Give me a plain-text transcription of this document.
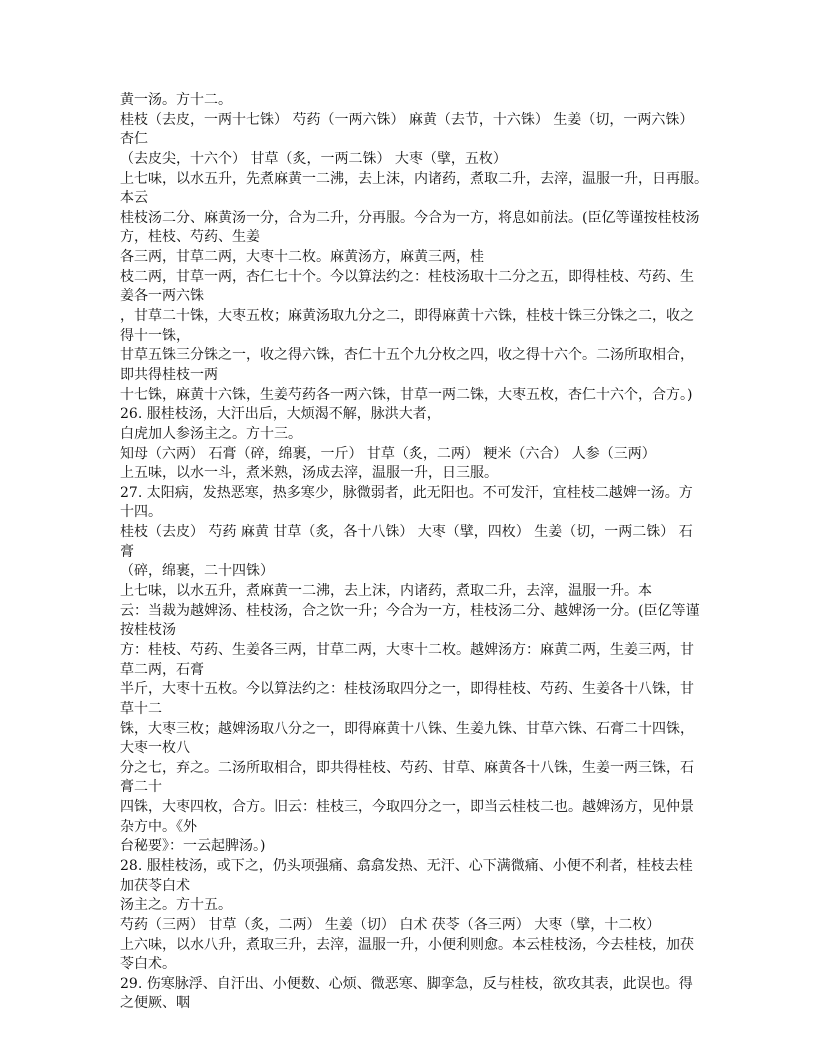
黄一汤。方十二。
桂枝（去皮，一两十七铢） 芍药（一两六铢） 麻黄（去节，十六铢） 生姜（切，一两六铢）
杏仁
（去皮尖，十六个） 甘草（炙，一两二铢） 大枣（擘，五枚）
上七味，以水五升，先煮麻黄一二沸，去上沫，内诸药，煮取二升，去滓，温服一升，日再服。
本云
桂枝汤二分、麻黄汤一分，合为二升，分再服。今合为一方，将息如前法。(臣亿等谨按桂枝汤
方，桂枝、芍药、生姜
各三两，甘草二两，大枣十二枚。麻黄汤方，麻黄三两，桂
枝二两，甘草一两，杏仁七十个。今以算法约之：桂枝汤取十二分之五，即得桂枝、芍药、生
姜各一两六铢
，甘草二十铢，大枣五枚；麻黄汤取九分之二，即得麻黄十六铢，桂枝十铢三分铢之二，收之
得十一铢，
甘草五铢三分铢之一，收之得六铢，杏仁十五个九分枚之四，收之得十六个。二汤所取相合，
即共得桂枝一两
十七铢，麻黄十六铢，生姜芍药各一两六铢，甘草一两二铢，大枣五枚，杏仁十六个，合方。)
26. 服桂枝汤，大汗出后，大烦渴不解，脉洪大者，
白虎加人参汤主之。方十三。
知母（六两） 石膏（碎，绵裹，一斤） 甘草（炙，二两） 粳米（六合） 人参（三两）
上五味，以水一斗，煮米熟，汤成去滓，温服一升，日三服。
27. 太阳病，发热恶寒，热多寒少，脉微弱者，此无阳也。不可发汗，宜桂枝二越婢一汤。方
十四。
桂枝（去皮） 芍药 麻黄 甘草（炙，各十八铢） 大枣（擘，四枚） 生姜（切，一两二铢） 石
膏
（碎，绵裹，二十四铢）
上七味，以水五升，煮麻黄一二沸，去上沫，内诸药，煮取二升，去滓，温服一升。本
云：当裁为越婢汤、桂枝汤，合之饮一升；今合为一方，桂枝汤二分、越婢汤一分。(臣亿等谨
按桂枝汤
方：桂枝、芍药、生姜各三两，甘草二两，大枣十二枚。越婢汤方：麻黄二两，生姜三两，甘
草二两，石膏
半斤，大枣十五枚。今以算法约之：桂枝汤取四分之一，即得桂枝、芍药、生姜各十八铢，甘
草十二
铢，大枣三枚；越婢汤取八分之一，即得麻黄十八铢、生姜九铢、甘草六铢、石膏二十四铢，
大枣一枚八
分之七，弃之。二汤所取相合，即共得桂枝、芍药、甘草、麻黄各十八铢，生姜一两三铢，石
膏二十
四铢，大枣四枚，合方。旧云：桂枝三，今取四分之一，即当云桂枝二也。越婢汤方，见仲景
杂方中。《外
台秘要》：一云起脾汤。)
28. 服桂枝汤，或下之，仍头项强痛、翕翕发热、无汗、心下满微痛、小便不利者，桂枝去桂
加茯苓白术
汤主之。方十五。
芍药（三两） 甘草（炙，二两） 生姜（切） 白术 茯苓（各三两） 大枣（擘，十二枚）
上六味，以水八升，煮取三升，去滓，温服一升，小便利则愈。本云桂枝汤，今去桂枝，加茯
苓白术。
29. 伤寒脉浮、自汗出、小便数、心烦、微恶寒、脚挛急，反与桂枝，欲攻其表，此误也。得
之便厥、咽
